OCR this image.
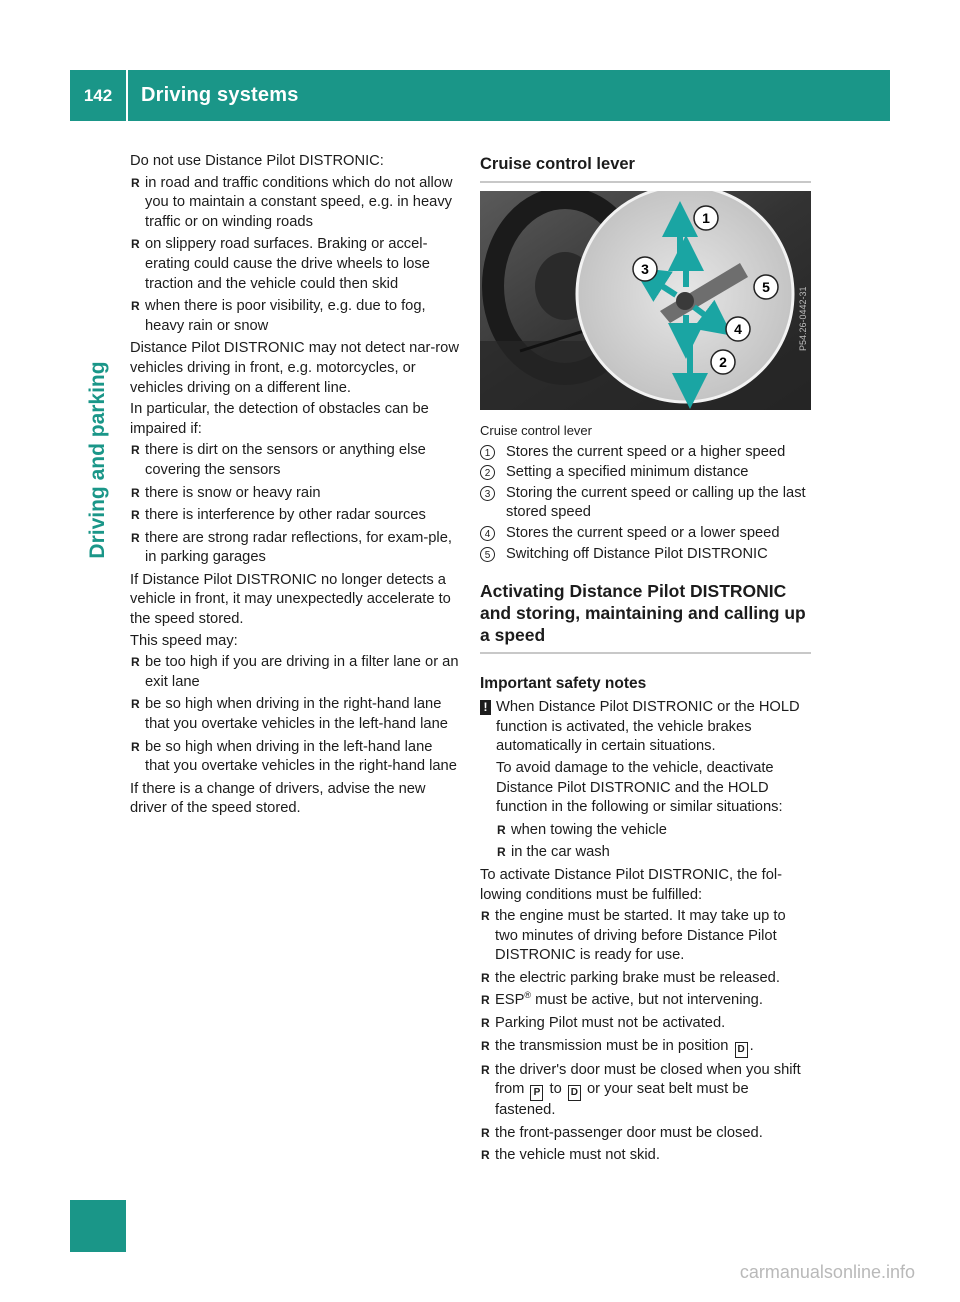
142	Driving systems
Driving and parking

Do not use Distance Pilot DISTRONIC:

R in road and traffic conditions which do not allow you to maintain a constant speed, e.g. in heavy traffic or on winding roads
R on slippery road surfaces. Braking or accel-erating could cause the drive wheels to lose traction and the vehicle could then skid
R when there is poor visibility, e.g. due to fog, heavy rain or snow

Distance Pilot DISTRONIC may not detect nar-row vehicles driving in front, e.g. motorcycles, or vehicles driving on a different line.

In particular, the detection of obstacles can be impaired if:

R there is dirt on the sensors or anything else covering the sensors
R there is snow or heavy rain
R there is interference by other radar sources
R there are strong radar reflections, for exam-ple, in parking garages

If Distance Pilot DISTRONIC no longer detects a vehicle in front, it may unexpectedly accelerate to the speed stored.

This speed may:

R be too high if you are driving in a filter lane or an exit lane
R be so high when driving in the right-hand lane that you overtake vehicles in the left-hand lane
R be so high when driving in the left-hand lane that you overtake vehicles in the right-hand lane

If there is a change of drivers, advise the new driver of the speed stored.

Cruise control lever
1
2
3
4
5	P54.26-0442-31
Cruise control lever
1	Stores the current speed or a higher speed
2	Setting a specified minimum distance
3	Storing the current speed or calling up the last stored speed
4	Stores the current speed or a lower speed
5	Switching off Distance Pilot DISTRONIC
Activating Distance Pilot DISTRONIC and storing, maintaining and calling up a speed
Important safety notes
! When Distance Pilot DISTRONIC or the HOLD function is activated, the vehicle brakes automatically in certain situations.

To avoid damage to the vehicle, deactivate Distance Pilot DISTRONIC and the HOLD function in the following or similar situations:

R when towing the vehicle
R in the car wash

To activate Distance Pilot DISTRONIC, the fol-lowing conditions must be fulfilled:

R the engine must be started. It may take up to two minutes of driving before Distance Pilot DISTRONIC is ready for use.
R the electric parking brake must be released.
R ESP® must be active, but not intervening.
R Parking Pilot must not be activated.
R the transmission must be in position D .
R the driver's door must be closed when you shift from P to D or your seat belt must be fastened.
R the front-passenger door must be closed.
R the vehicle must not skid.
carmanualsonline.info
